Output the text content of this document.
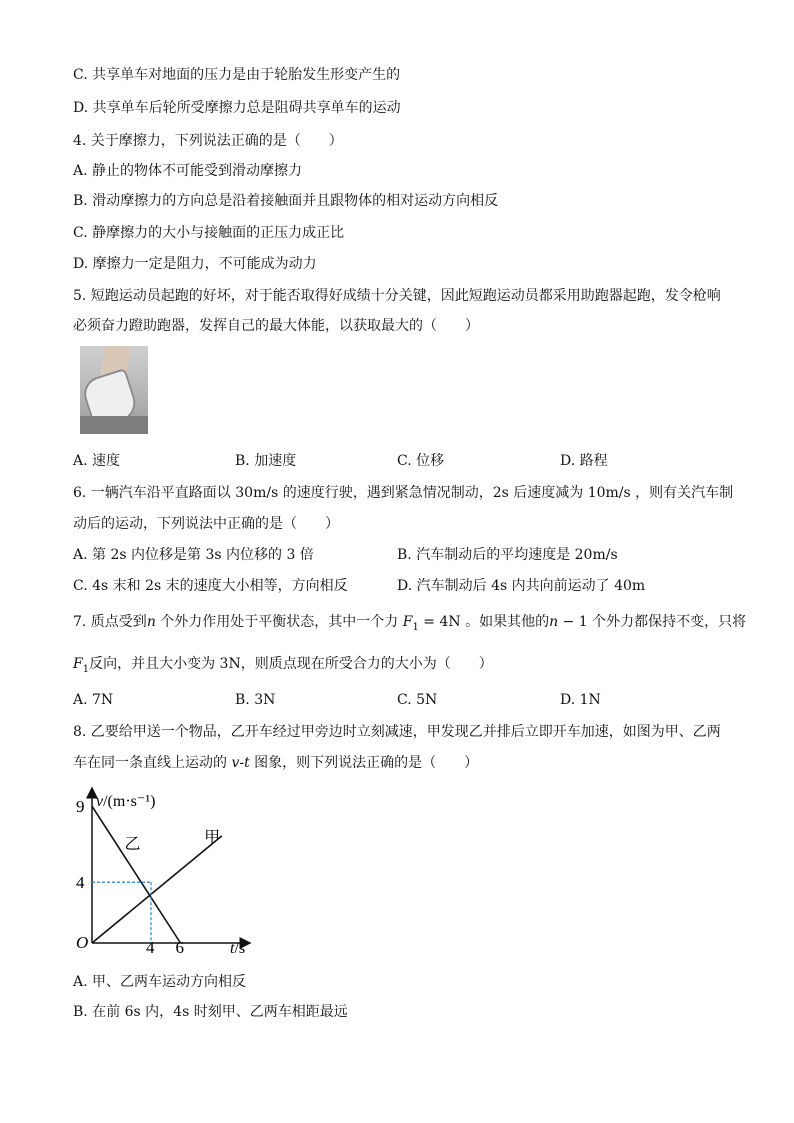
C. 共享单车对地面的压力是由于轮胎发生形变产生的
D. 共享单车后轮所受摩擦力总是阻碍共享单车的运动
4. 关于摩擦力，下列说法正确的是（　　）
A. 静止的物体不可能受到滑动摩擦力
B. 滑动摩擦力的方向总是沿着接触面并且跟物体的相对运动方向相反
C. 静摩擦力的大小与接触面的正压力成正比
D. 摩擦力一定是阻力，不可能成为动力
5. 短跑运动员起跑的好坏，对于能否取得好成绩十分关键，因此短跑运动员都采用助跑器起跑，发令枪响
必须奋力蹬助跑器，发挥自己的最大体能，以获取最大的（　　）
A. 速度	B. 加速度	C. 位移	D. 路程
6. 一辆汽车沿平直路面以 30m/s 的速度行驶，遇到紧急情况制动，2s 后速度减为 10m/s ，则有关汽车制
动后的运动，下列说法中正确的是（　　）
A. 第 2s 内位移是第 3s 内位移的 3 倍	B. 汽车制动后的平均速度是 20m/s
C. 4s 末和 2s 末的速度大小相等，方向相反	D. 汽车制动后 4s 内共向前运动了 40m
7. 质点受到n 个外力作用处于平衡状态，其中一个力 $F_1 = 4N$ 。如果其他的n − 1 个外力都保持不变，只将
$F_1$反向，并且大小变为 3N，则质点现在所受合力的大小为（　　）
A. 7N	B. 3N	C. 5N	D. 1N
8. 乙要给甲送一个物品，乙开车经过甲旁边时立刻减速，甲发现乙并排后立即开车加速，如图为甲、乙两
车在同一条直线上运动的 v-t 图象，则下列说法正确的是（　　）
乙	甲
9
4
4 6
v/(m·s⁻¹)
t/s
O
A. 甲、乙两车运动方向相反
B. 在前 6s 内，4s 时刻甲、乙两车相距最远
